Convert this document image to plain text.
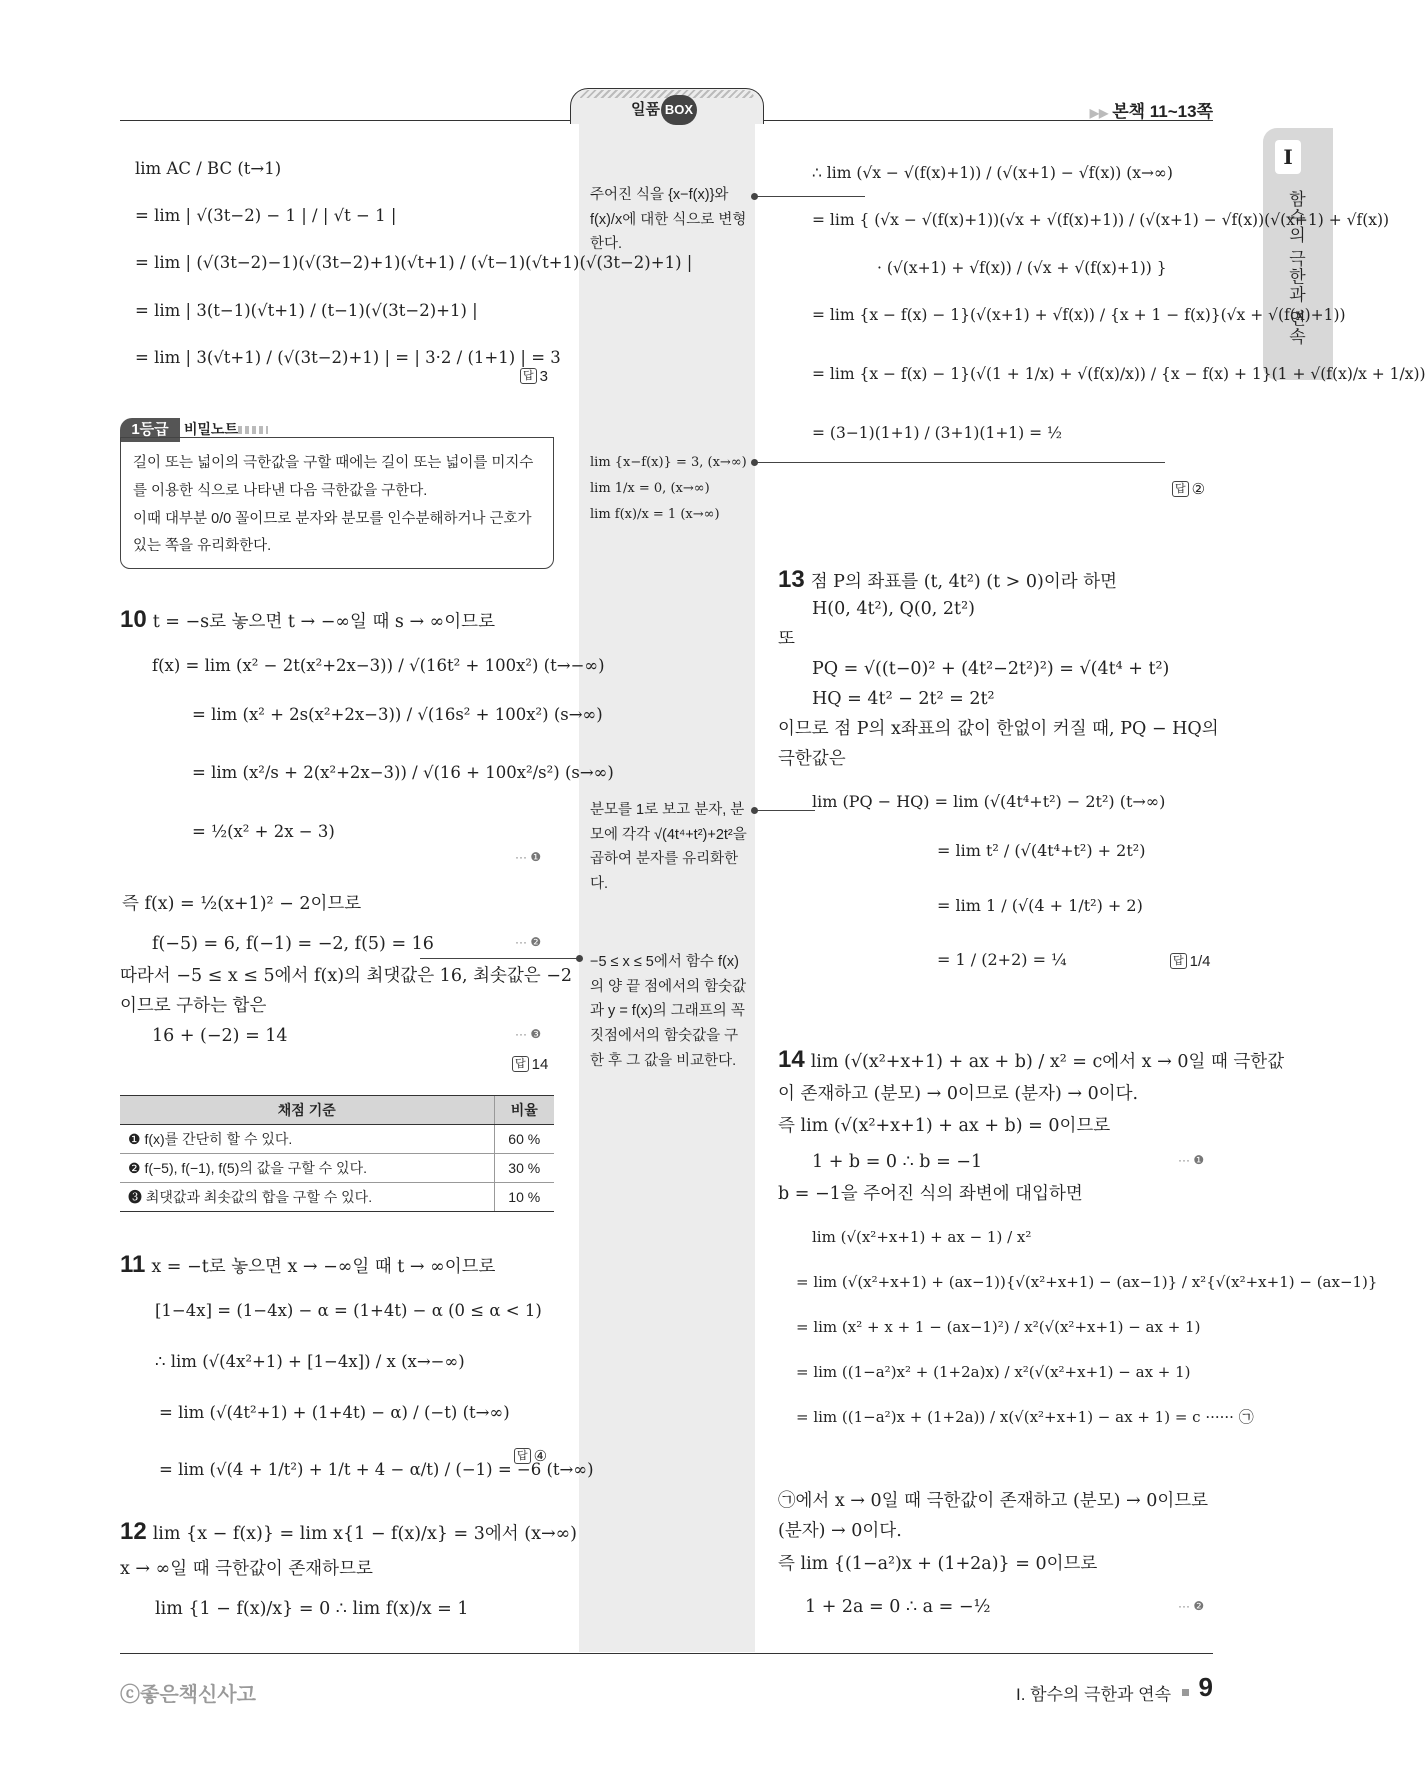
일품 BOX	▶▶ 본책 11~13쪽
I
함수의 극한과 연속
lim AC / BC (t→1)
= lim | √(3t−2) − 1 | / | √t − 1 |
= lim | (√(3t−2)−1)(√(3t−2)+1)(√t+1) / (√t−1)(√t+1)(√(3t−2)+1) |
= lim | 3(t−1)(√t+1) / (t−1)(√(3t−2)+1) |
= lim | 3(√t+1) / (√(3t−2)+1) | = | 3·2 / (1+1) | = 3
답 3
1등급	비밀노트

길이 또는 넓이의 극한값을 구할 때에는 길이 또는 넓이를 미지수를 이용한 식으로 나타낸 다음 극한값을 구한다.

이때 대부분 0/0 꼴이므로 분자와 분모를 인수분해하거나 근호가 있는 쪽을 유리화한다.

10 t = −s로 놓으면 t → −∞일 때 s → ∞이므로
f(x) = lim (x² − 2t(x²+2x−3)) / √(16t² + 100x²) (t→−∞)
= lim (x² + 2s(x²+2x−3)) / √(16s² + 100x²) (s→∞)
= lim (x²/s + 2(x²+2x−3)) / √(16 + 100x²/s²) (s→∞)
= ½(x² + 2x − 3)
··· ❶
즉 f(x) = ½(x+1)² − 2이므로
f(−5) = 6, f(−1) = −2, f(5) = 16	··· ❷
따라서 −5 ≤ x ≤ 5에서 f(x)의 최댓값은 16, 최솟값은 −2
이므로 구하는 합은
16 + (−2) = 14	··· ❸
답 14
채점 기준	비율
❶ f(x)를 간단히 할 수 있다.	60 %
❷ f(−5), f(−1), f(5)의 값을 구할 수 있다.	30 %
❸ 최댓값과 최솟값의 합을 구할 수 있다.	10 %
11 x = −t로 놓으면 x → −∞일 때 t → ∞이므로
[1−4x] = (1−4x) − α = (1+4t) − α (0 ≤ α < 1)
∴ lim (√(4x²+1) + [1−4x]) / x (x→−∞)
= lim (√(4t²+1) + (1+4t) − α) / (−t) (t→∞)
= lim (√(4 + 1/t²) + 1/t + 4 − α/t) / (−1) = −6 (t→∞)
답 ④
12 lim {x − f(x)} = lim x{1 − f(x)/x} = 3에서 (x→∞)
x → ∞일 때 극한값이 존재하므로
lim {1 − f(x)/x} = 0 ∴ lim f(x)/x = 1
주어진 식을 {x−f(x)}와 f(x)/x에 대한 식으로 변형한다.
lim {x−f(x)} = 3, (x→∞)
lim 1/x = 0, (x→∞)
lim f(x)/x = 1 (x→∞)
분모를 1로 보고 분자, 분모에 각각 √(4t⁴+t²)+2t²을 곱하여 분자를 유리화한다.
−5 ≤ x ≤ 5에서 함수 f(x)의 양 끝 점에서의 함숫값과 y = f(x)의 그래프의 꼭짓점에서의 함숫값을 구한 후 그 값을 비교한다.
∴ lim (√x − √(f(x)+1)) / (√(x+1) − √f(x)) (x→∞)
= lim { (√x − √(f(x)+1))(√x + √(f(x)+1)) / (√(x+1) − √f(x))(√(x+1) + √f(x))
· (√(x+1) + √f(x)) / (√x + √(f(x)+1)) }
= lim {x − f(x) − 1}(√(x+1) + √f(x)) / {x + 1 − f(x)}(√x + √(f(x)+1))
= lim {x − f(x) − 1}(√(1 + 1/x) + √(f(x)/x)) / {x − f(x) + 1}(1 + √(f(x)/x + 1/x))
= (3−1)(1+1) / (3+1)(1+1) = ½
답 ②
13 점 P의 좌표를 (t, 4t²) (t > 0)이라 하면
H(0, 4t²), Q(0, 2t²)
또
PQ = √((t−0)² + (4t²−2t²)²) = √(4t⁴ + t²)
HQ = 4t² − 2t² = 2t²
이므로 점 P의 x좌표의 값이 한없이 커질 때, PQ − HQ의
극한값은
lim (PQ − HQ) = lim (√(4t⁴+t²) − 2t²) (t→∞)
= lim t² / (√(4t⁴+t²) + 2t²)
= lim 1 / (√(4 + 1/t²) + 2)
= 1 / (2+2) = ¼	답 1/4
14 lim (√(x²+x+1) + ax + b) / x² = c에서 x → 0일 때 극한값
이 존재하고 (분모) → 0이므로 (분자) → 0이다.
즉 lim (√(x²+x+1) + ax + b) = 0이므로
1 + b = 0 ∴ b = −1	··· ❶
b = −1을 주어진 식의 좌변에 대입하면
lim (√(x²+x+1) + ax − 1) / x²
= lim (√(x²+x+1) + (ax−1)){√(x²+x+1) − (ax−1)} / x²{√(x²+x+1) − (ax−1)}
= lim (x² + x + 1 − (ax−1)²) / x²(√(x²+x+1) − ax + 1)
= lim ((1−a²)x² + (1+2a)x) / x²(√(x²+x+1) − ax + 1)
= lim ((1−a²)x + (1+2a)) / x(√(x²+x+1) − ax + 1) = c ······ ㉠
㉠에서 x → 0일 때 극한값이 존재하고 (분모) → 0이므로
(분자) → 0이다.
즉 lim {(1−a²)x + (1+2a)} = 0이므로
1 + 2a = 0 ∴ a = −½	··· ❷
ⓒ좋은책신사고	I. 함수의 극한과 연속 9
